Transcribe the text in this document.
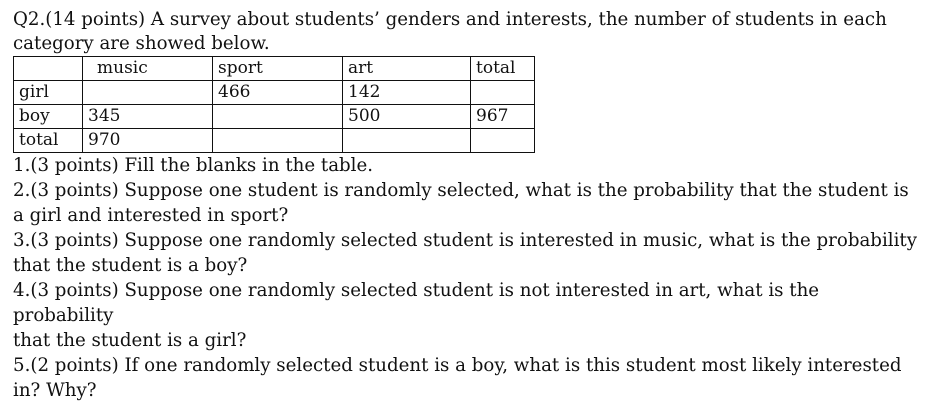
Q2.(14 points) A survey about students’ genders and interests, the number of students in each
category are showed below.
	music	sport	art	total
girl		466	142	
boy	345		500	967
total	970			
1.(3 points) Fill the blanks in the table.
2.(3 points) Suppose one student is randomly selected, what is the probability that the student is
a girl and interested in sport?
3.(3 points) Suppose one randomly selected student is interested in music, what is the probability
that the student is a boy?
4.(3 points) Suppose one randomly selected student is not interested in art, what is the probability
that the student is a girl?
5.(2 points) If one randomly selected student is a boy, what is this student most likely interested
in? Why?
